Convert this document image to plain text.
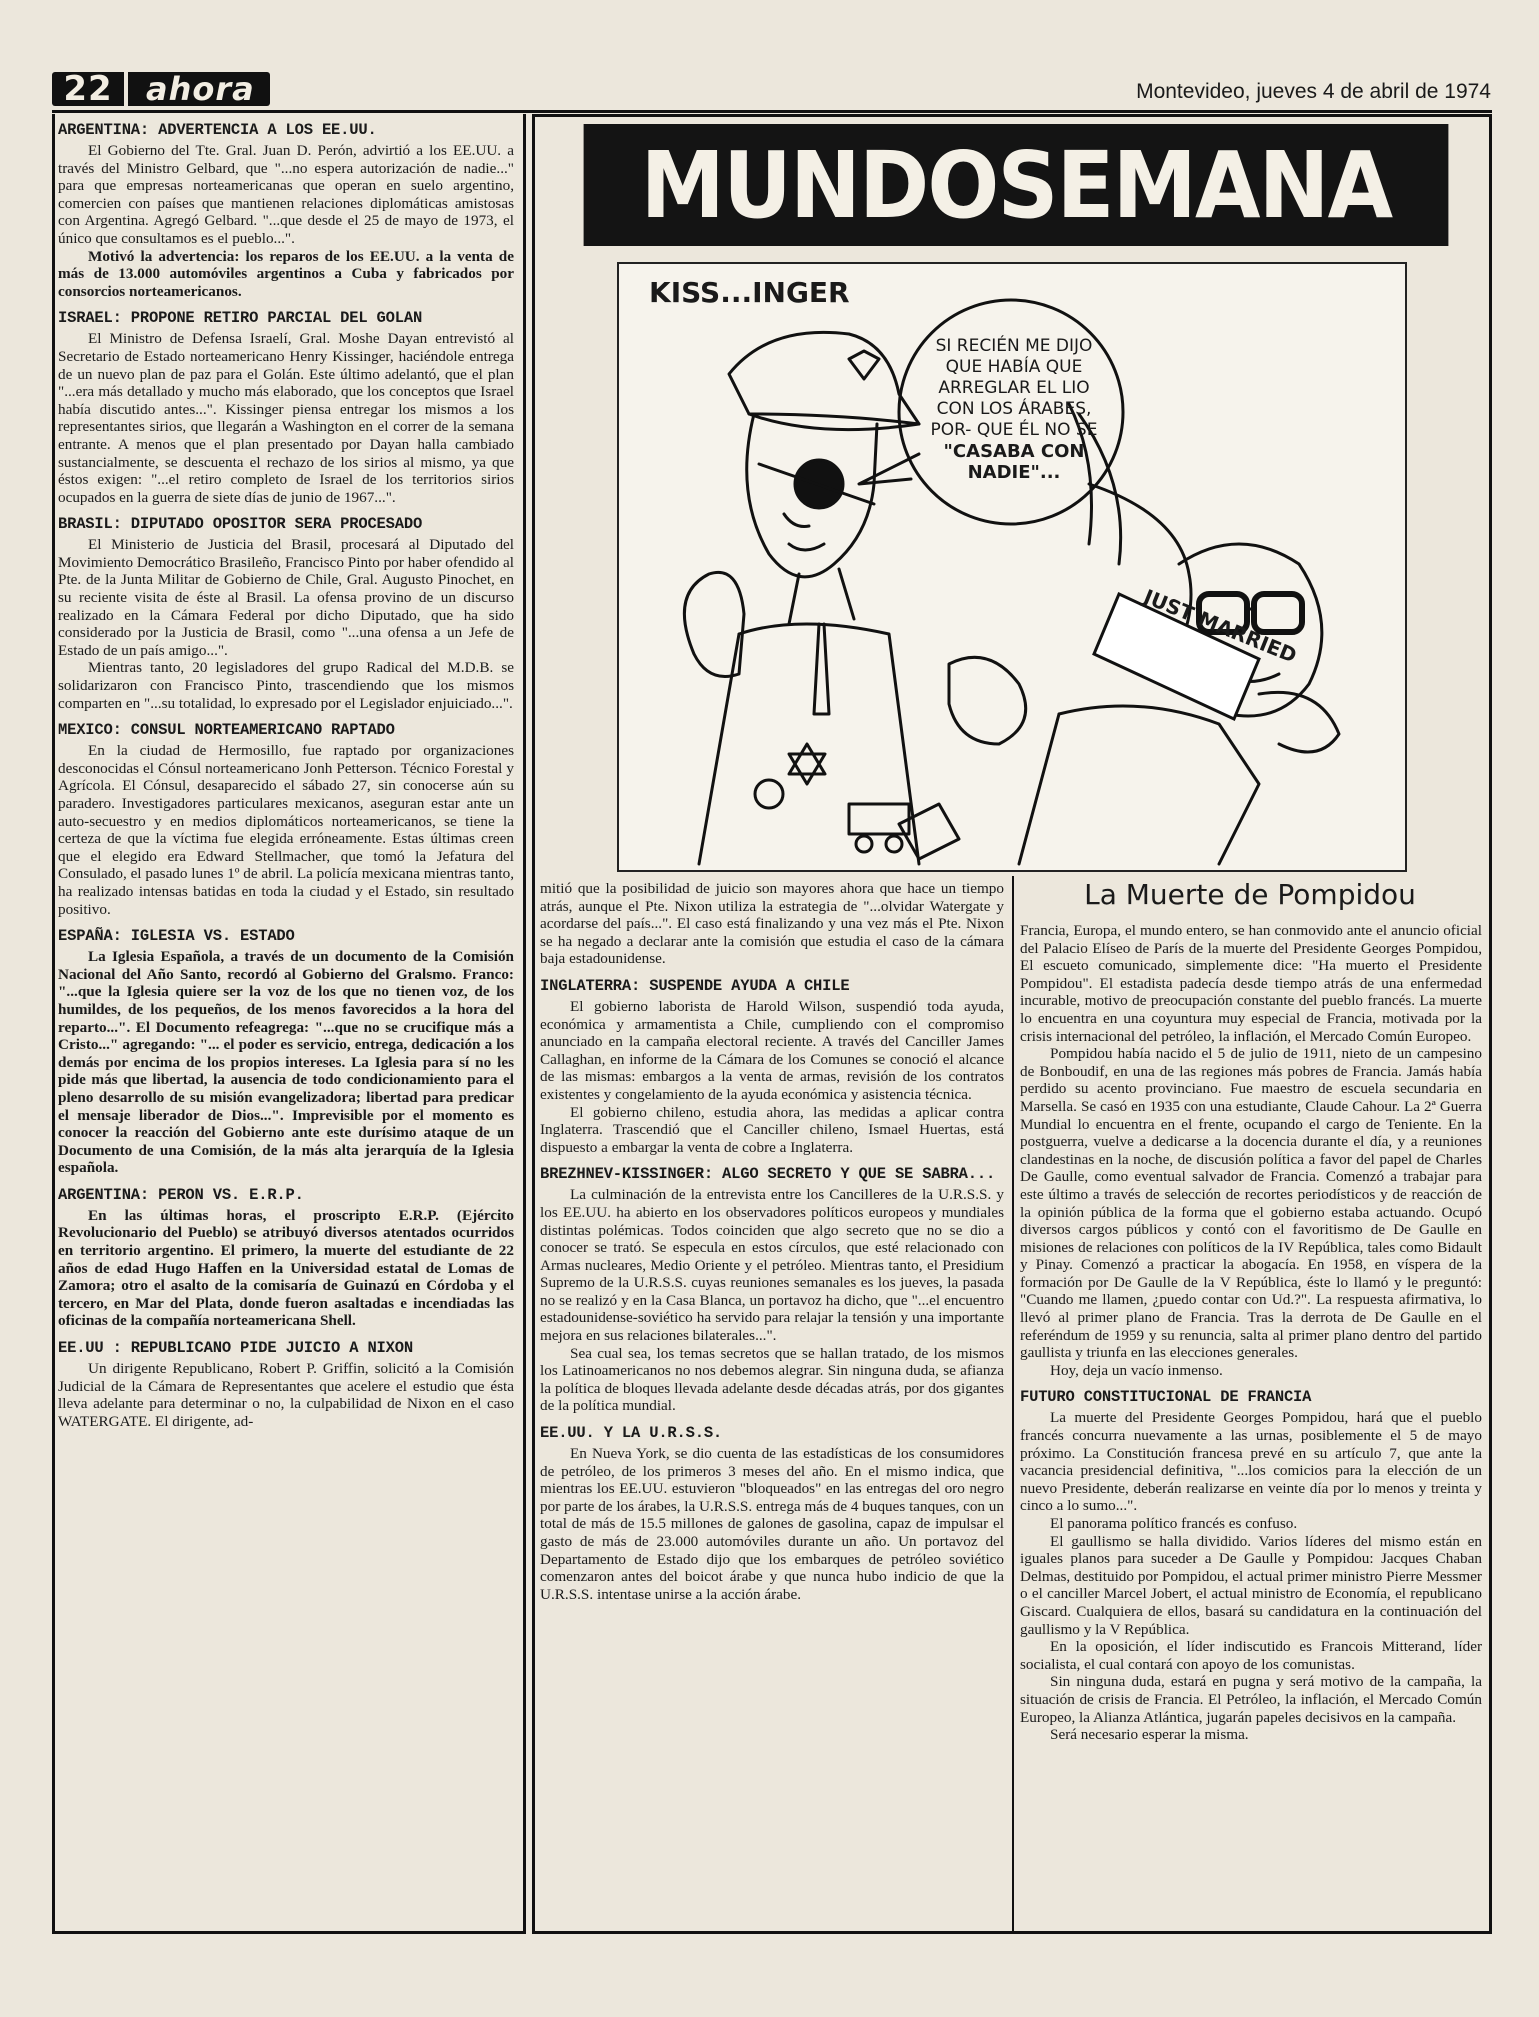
22	ahora	Montevideo, jueves 4 de abril de 1974
MUNDOSEMANA
KISS...INGER
SI RECIÉN ME DIJO QUE HABÍA QUE ARREGLAR EL LIO CON LOS ÁRABES, POR- QUE ÉL NO SE
"CASABA CON NADIE"...
JUST MARRIED
ARGENTINA: ADVERTENCIA A LOS EE.UU.

El Gobierno del Tte. Gral. Juan D. Perón, advirtió a los EE.UU. a través del Ministro Gelbard, que "...no espera autorización de nadie..." para que empresas norteamericanas que operan en suelo argentino, comercien con países que mantienen relaciones diplomáticas amistosas con Argentina. Agregó Gelbard. "...que desde el 25 de mayo de 1973, el único que consultamos es el pueblo...".

Motivó la advertencia: los reparos de los EE.UU. a la venta de más de 13.000 automóviles argentinos a Cuba y fabricados por consorcios norteamericanos.

ISRAEL: PROPONE RETIRO PARCIAL DEL GOLAN

El Ministro de Defensa Israelí, Gral. Moshe Dayan entrevistó al Secretario de Estado norteamericano Henry Kissinger, haciéndole entrega de un nuevo plan de paz para el Golán. Este último adelantó, que el plan "...era más detallado y mucho más elaborado, que los conceptos que Israel había discutido antes...". Kissinger piensa entregar los mismos a los representantes sirios, que llegarán a Washington en el correr de la semana entrante. A menos que el plan presentado por Dayan halla cambiado sustancialmente, se descuenta el rechazo de los sirios al mismo, ya que éstos exigen: "...el retiro completo de Israel de los territorios sirios ocupados en la guerra de siete días de junio de 1967...".

BRASIL: DIPUTADO OPOSITOR SERA PROCESADO

El Ministerio de Justicia del Brasil, procesará al Diputado del Movimiento Democrático Brasileño, Francisco Pinto por haber ofendido al Pte. de la Junta Militar de Gobierno de Chile, Gral. Augusto Pinochet, en su reciente visita de éste al Brasil. La ofensa provino de un discurso realizado en la Cámara Federal por dicho Diputado, que ha sido considerado por la Justicia de Brasil, como "...una ofensa a un Jefe de Estado de un país amigo...".

Mientras tanto, 20 legisladores del grupo Radical del M.D.B. se solidarizaron con Francisco Pinto, trascendiendo que los mismos comparten en "...su totalidad, lo expresado por el Legislador enjuiciado...".

MEXICO: CONSUL NORTEAMERICANO RAPTADO

En la ciudad de Hermosillo, fue raptado por organizaciones desconocidas el Cónsul norteamericano Jonh Petterson. Técnico Forestal y Agrícola. El Cónsul, desaparecido el sábado 27, sin conocerse aún su paradero. Investigadores particulares mexicanos, aseguran estar ante un auto-secuestro y en medios diplomáticos norteamericanos, se tiene la certeza de que la víctima fue elegida erróneamente. Estas últimas creen que el elegido era Edward Stellmacher, que tomó la Jefatura del Consulado, el pasado lunes 1º de abril. La policía mexicana mientras tanto, ha realizado intensas batidas en toda la ciudad y el Estado, sin resultado positivo.

ESPAÑA: IGLESIA VS. ESTADO

La Iglesia Española, a través de un documento de la Comisión Nacional del Año Santo, recordó al Gobierno del Gralsmo. Franco: "...que la Iglesia quiere ser la voz de los que no tienen voz, de los humildes, de los pequeños, de los menos favorecidos a la hora del reparto...". El Documento refeagrega: "...que no se crucifique más a Cristo..." agregando: "... el poder es servicio, entrega, dedicación a los demás por encima de los propios intereses. La Iglesia para sí no les pide más que libertad, la ausencia de todo condicionamiento para el pleno desarrollo de su misión evangelizadora; libertad para predicar el mensaje liberador de Dios...". Imprevisible por el momento es conocer la reacción del Gobierno ante este durísimo ataque de un Documento de una Comisión, de la más alta jerarquía de la Iglesia española.

ARGENTINA: PERON VS. E.R.P.

En las últimas horas, el proscripto E.R.P. (Ejército Revolucionario del Pueblo) se atribuyó diversos atentados ocurridos en territorio argentino. El primero, la muerte del estudiante de 22 años de edad Hugo Haffen en la Universidad estatal de Lomas de Zamora; otro el asalto de la comisaría de Guinazú en Córdoba y el tercero, en Mar del Plata, donde fueron asaltadas e incendiadas las oficinas de la compañía norteamericana Shell.

EE.UU : REPUBLICANO PIDE JUICIO A NIXON

Un dirigente Republicano, Robert P. Griffin, solicitó a la Comisión Judicial de la Cámara de Representantes que acelere el estudio que ésta lleva adelante para determinar o no, la culpabilidad de Nixon en el caso WATERGATE. El dirigente, ad-

mitió que la posibilidad de juicio son mayores ahora que hace un tiempo atrás, aunque el Pte. Nixon utiliza la estrategia de "...olvidar Watergate y acordarse del país...". El caso está finalizando y una vez más el Pte. Nixon se ha negado a declarar ante la comisión que estudia el caso de la cámara baja estadounidense.

INGLATERRA: SUSPENDE AYUDA A CHILE

El gobierno laborista de Harold Wilson, suspendió toda ayuda, económica y armamentista a Chile, cumpliendo con el compromiso anunciado en la campaña electoral reciente. A través del Canciller James Callaghan, en informe de la Cámara de los Comunes se conoció el alcance de las mismas: embargos a la venta de armas, revisión de los contratos existentes y congelamiento de la ayuda económica y asistencia técnica.

El gobierno chileno, estudia ahora, las medidas a aplicar contra Inglaterra. Trascendió que el Canciller chileno, Ismael Huertas, está dispuesto a embargar la venta de cobre a Inglaterra.

BREZHNEV-KISSINGER: ALGO SECRETO Y QUE SE SABRA...

La culminación de la entrevista entre los Cancilleres de la U.R.S.S. y los EE.UU. ha abierto en los observadores políticos europeos y mundiales distintas polémicas. Todos coinciden que algo secreto que no se dio a conocer se trató. Se especula en estos círculos, que esté relacionado con Armas nucleares, Medio Oriente y el petróleo. Mientras tanto, el Presidium Supremo de la U.R.S.S. cuyas reuniones semanales es los jueves, la pasada no se realizó y en la Casa Blanca, un portavoz ha dicho, que "...el encuentro estadounidense-soviético ha servido para relajar la tensión y una importante mejora en sus relaciones bilaterales...".

Sea cual sea, los temas secretos que se hallan tratado, de los mismos los Latinoamericanos no nos debemos alegrar. Sin ninguna duda, se afianza la política de bloques llevada adelante desde décadas atrás, por dos gigantes de la política mundial.

EE.UU. Y LA U.R.S.S.

En Nueva York, se dio cuenta de las estadísticas de los consumidores de petróleo, de los primeros 3 meses del año. En el mismo indica, que mientras los EE.UU. estuvieron "bloqueados" en las entregas del oro negro por parte de los árabes, la U.R.S.S. entrega más de 4 buques tanques, con un total de más de 15.5 millones de galones de gasolina, capaz de impulsar el gasto de más de 23.000 automóviles durante un año. Un portavoz del Departamento de Estado dijo que los embarques de petróleo soviético comenzaron antes del boicot árabe y que nunca hubo indicio de que la U.R.S.S. intentase unirse a la acción árabe.

La Muerte de Pompidou

Francia, Europa, el mundo entero, se han conmovido ante el anuncio oficial del Palacio Elíseo de París de la muerte del Presidente Georges Pompidou, El escueto comunicado, simplemente dice: "Ha muerto el Presidente Pompidou". El estadista padecía desde tiempo atrás de una enfermedad incurable, motivo de preocupación constante del pueblo francés. La muerte lo encuentra en una coyuntura muy especial de Francia, motivada por la crisis internacional del petróleo, la inflación, el Mercado Común Europeo.

Pompidou había nacido el 5 de julio de 1911, nieto de un campesino de Bonboudif, en una de las regiones más pobres de Francia. Jamás había perdido su acento provinciano. Fue maestro de escuela secundaria en Marsella. Se casó en 1935 con una estudiante, Claude Cahour. La 2ª Guerra Mundial lo encuentra en el frente, ocupando el cargo de Teniente. En la postguerra, vuelve a dedicarse a la docencia durante el día, y a reuniones clandestinas en la noche, de discusión política a favor del papel de Charles De Gaulle, como eventual salvador de Francia. Comenzó a trabajar para este último a través de selección de recortes periodísticos y de reacción de la opinión pública de la forma que el gobierno estaba actuando. Ocupó diversos cargos públicos y contó con el favoritismo de De Gaulle en misiones de relaciones con políticos de la IV República, tales como Bidault y Pinay. Comenzó a practicar la abogacía. En 1958, en víspera de la formación por De Gaulle de la V República, éste lo llamó y le preguntó: "Cuando me llamen, ¿puedo contar con Ud.?". La respuesta afirmativa, lo llevó al primer plano de Francia. Tras la derrota de De Gaulle en el referéndum de 1959 y su renuncia, salta al primer plano dentro del partido gaullista y triunfa en las elecciones generales.

Hoy, deja un vacío inmenso.

FUTURO CONSTITUCIONAL DE FRANCIA

La muerte del Presidente Georges Pompidou, hará que el pueblo francés concurra nuevamente a las urnas, posiblemente el 5 de mayo próximo. La Constitución francesa prevé en su artículo 7, que ante la vacancia presidencial definitiva, "...los comicios para la elección de un nuevo Presidente, deberán realizarse en veinte día por lo menos y treinta y cinco a lo sumo...".

El panorama político francés es confuso.

El gaullismo se halla dividido. Varios líderes del mismo están en iguales planos para suceder a De Gaulle y Pompidou: Jacques Chaban Delmas, destituido por Pompidou, el actual primer ministro Pierre Messmer o el canciller Marcel Jobert, el actual ministro de Economía, el republicano Giscard. Cualquiera de ellos, basará su candidatura en la continuación del gaullismo y la V República.

En la oposición, el líder indiscutido es Francois Mitterand, líder socialista, el cual contará con apoyo de los comunistas.

Sin ninguna duda, estará en pugna y será motivo de la campaña, la situación de crisis de Francia. El Petróleo, la inflación, el Mercado Común Europeo, la Alianza Atlántica, jugarán papeles decisivos en la campaña.

Será necesario esperar la misma.
